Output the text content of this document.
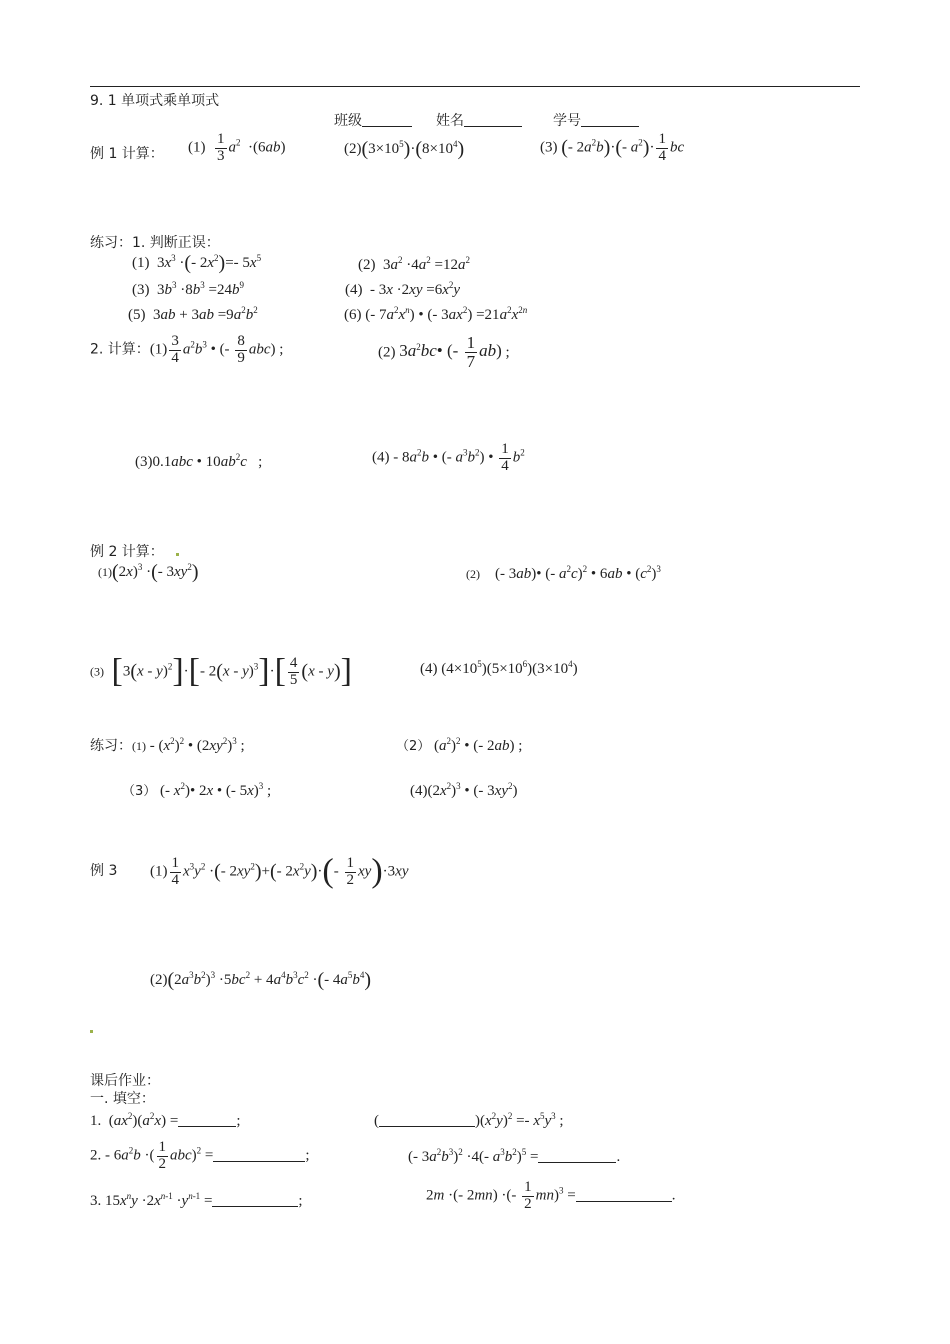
9. 1 单项式乘单项式
班级	姓名	学号
例 1 计算： $(1) \frac{1}{3} a^2 \cdot(6ab)$	$(2)(3\times 10^5)\cdot(8\times 10^4)$	(3) (- $2a^2b)\cdot(-$ $a^2)\cdot \frac{1}{4}$ bc
练习：1. 判断正误：
(1)  $3x^3$ ·(- $2x^2)=-$ $5x^5$	(2)  $3a^2 \cdot 4a^2 =12a^2$
(3)  $3b^3 \cdot 8b^3 =24b^9$	$(4) - 3x \cdot 2xy =6x^2y$
(5)  $3ab + 3ab =9a^2b^2$	(6) (- $7a^2x^n$) • (- $3ax^2) =21a^2x^{2n}$
2. 计算：$(1) \frac{3}{4} a^2b^3$ • (- $\frac{8}{9} abc$) ;	(2) $3a^2bc•$ (- $\frac{1}{7} ab$) ;
(3)0.1abc • $10ab^2c$ ;	$(4) - 8a^2b$ • (- $a^3b^2$) • $\frac{1}{4} b^2$
例 2 计算：
$(1)(2x)^3$ ·(- $3xy^2$)	(2)    (- 3ab)• (- $a^2c)^2$ • 6ab • $(c^2)^3$
(3) [3(x - y)$^2$]·[- $2(x - y)^3]\cdot[ \frac{4}{5} (x - y)]$	(4) $(4\times 10^5)(5\times 10^6)(3\times 10^4)$
练习：$(1) - (x^2)^2$ • $(2xy^2)^3$ ;	（2） $(a^2)^2$ • (- 2ab) ;
（3） (- $x^2)•$ 2x • (- 5x)$^3$ ;	$(4)(2x^2)^3$ • (- $3xy^2$)
例 3 $(1) \frac{1}{4} x^3y^2$ ·(- $2xy^2)+(-$ $2x^2y)\cdot(- \frac{1}{2} xy)\cdot 3xy$
$(2)(2a^3b^2)^3 \cdot 5bc^2 + 4a^4b^3c^2$ ·(- $4a^5b^4$)
课后作业：
一. 填空：
1.  $(ax^2)(a^2x)$ =	;	(	)$(x^2y)^2 =- x^5y^3$ ;
2. - $6a^2b$ ·( $\frac{1}{2} abc)^2$ =	;	(- $3a^2b^3)^2 \cdot 4(-$ $a^3b^2)^5$ =	.
3. $15x^ny \cdot 2x^{n-1} \cdot y^{n-1}$ =	;	2m ·(- 2mn) ·(- $\frac{1}{2} mn)^3$ =	.
